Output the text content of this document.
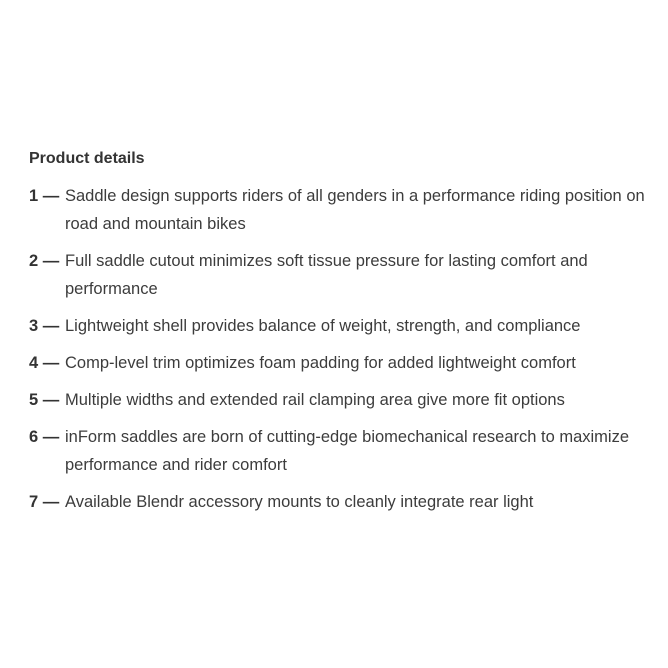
Product details
1 — Saddle design supports riders of all genders in a performance riding position on road and mountain bikes
2 — Full saddle cutout minimizes soft tissue pressure for lasting comfort and performance
3 — Lightweight shell provides balance of weight, strength, and compliance
4 — Comp-level trim optimizes foam padding for added lightweight comfort
5 — Multiple widths and extended rail clamping area give more fit options
6 — inForm saddles are born of cutting-edge biomechanical research to maximize performance and rider comfort
7 — Available Blendr accessory mounts to cleanly integrate rear light
